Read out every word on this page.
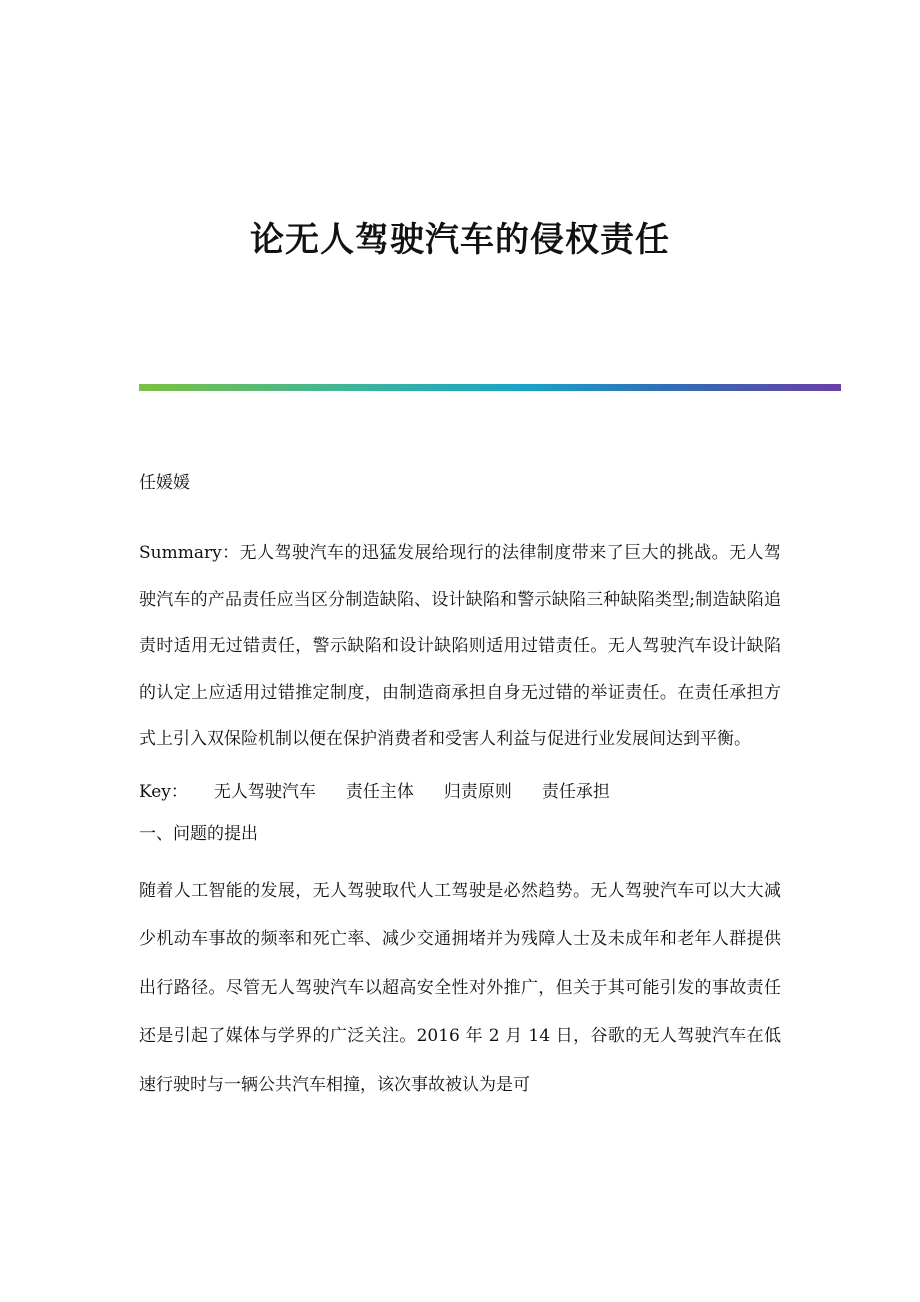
论无人驾驶汽车的侵权责任

任媛媛

Summary：无人驾驶汽车的迅猛发展给现行的法律制度带来了巨大的挑战。无人驾驶汽车的产品责任应当区分制造缺陷、设计缺陷和警示缺陷三种缺陷类型;制造缺陷追责时适用无过错责任，警示缺陷和设计缺陷则适用过错责任。无人驾驶汽车设计缺陷的认定上应适用过错推定制度，由制造商承担自身无过错的举证责任。在责任承担方式上引入双保险机制以便在保护消费者和受害人利益与促进行业发展间达到平衡。

Key： 无人驾驶汽车 责任主体 归责原则 责任承担

一、问题的提出

随着人工智能的发展，无人驾驶取代人工驾驶是必然趋势。无人驾驶汽车可以大大减少机动车事故的频率和死亡率、减少交通拥堵并为残障人士及未成年和老年人群提供出行路径。尽管无人驾驶汽车以超高安全性对外推广，但关于其可能引发的事故责任还是引起了媒体与学界的广泛关注。2016 年 2 月 14 日，谷歌的无人驾驶汽车在低速行驶时与一辆公共汽车相撞，该次事故被认为是可
